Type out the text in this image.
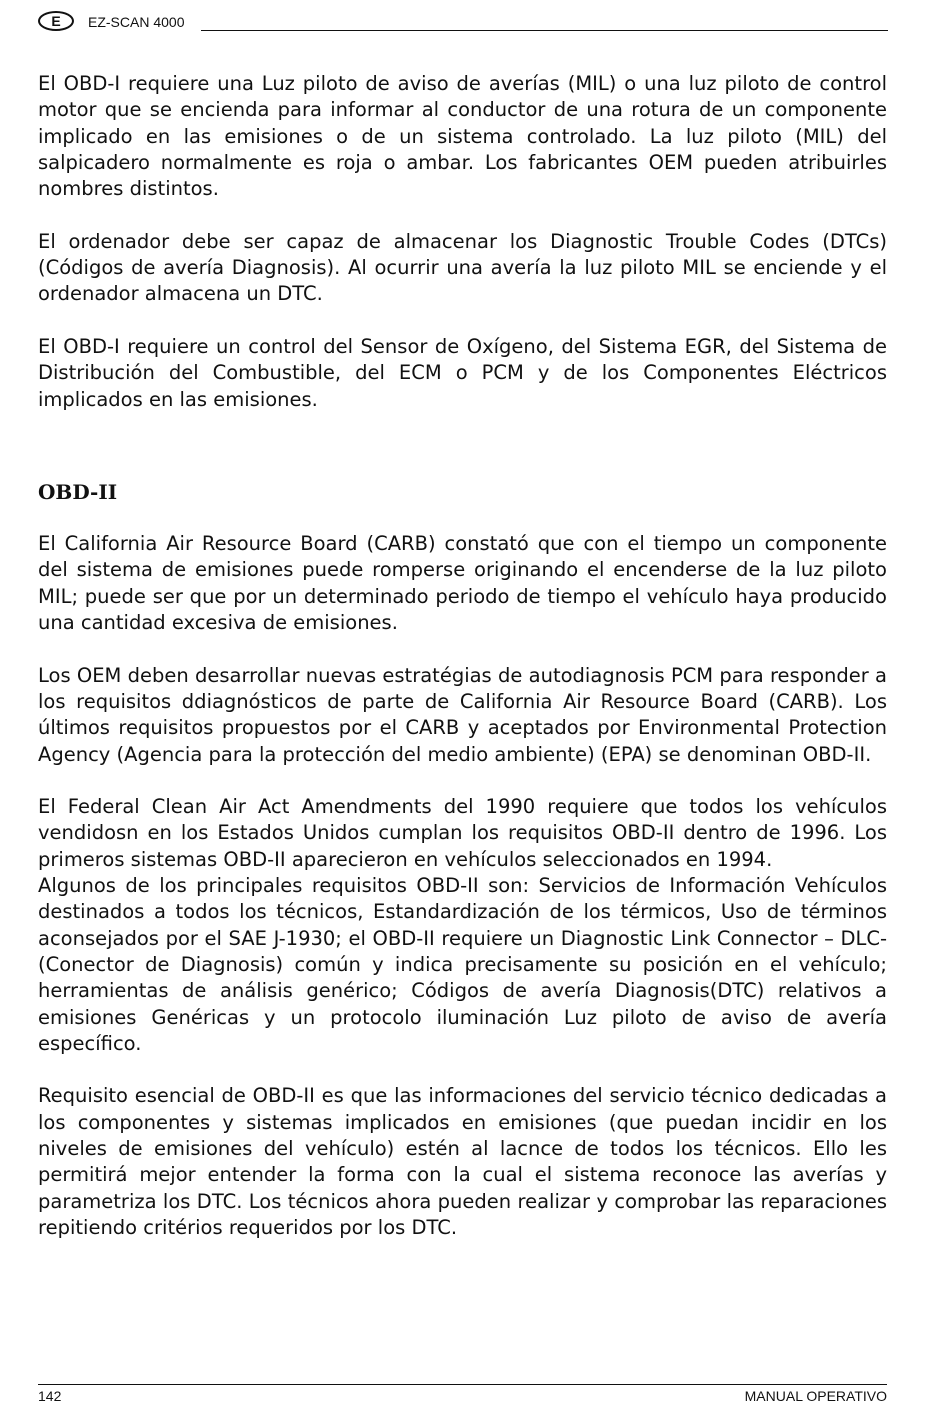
E	EZ-SCAN 4000

El OBD-I requiere una Luz piloto de aviso de averías (MIL) o una luz piloto de control motor que se encienda para informar al conductor de una rotura de un componente implicado en las emisiones o de un sistema controlado. La luz piloto (MIL) del salpicadero normalmente es roja o ambar. Los fabricantes OEM pueden atribuirles nombres distintos.

El ordenador debe ser capaz de almacenar los Diagnostic Trouble Codes (DTCs) (Códigos de avería Diagnosis). Al ocurrir una avería la luz piloto MIL se enciende y el ordenador almacena un DTC.

El OBD-I requiere un control del Sensor de Oxígeno, del Sistema EGR, del Sistema de Distribución del Combustible, del ECM o PCM y de los Componentes Eléctricos implicados en las emisiones.

OBD-II

El California Air Resource Board (CARB) constató que con el tiempo un componente del sistema de emisiones puede romperse originando el encenderse de la luz piloto MIL; puede ser que por un determinado periodo de tiempo el vehículo haya producido una cantidad excesiva de emisiones.

Los OEM deben desarrollar nuevas estratégias de autodiagnosis PCM para responder a los requisitos ddiagnósticos de parte de California Air Resource Board (CARB). Los últimos requisitos propuestos por el CARB y aceptados por Environmental Protection Agency (Agencia para la protección del medio ambiente) (EPA) se denominan OBD-II.

El Federal Clean Air Act Amendments del 1990 requiere que todos los vehículos vendidosn en los Estados Unidos cumplan los requisitos OBD-II dentro de 1996. Los primeros sistemas OBD-II aparecieron en vehículos seleccionados en 1994.

Algunos de los principales requisitos OBD-II son: Servicios de Información Vehículos destinados a todos los técnicos, Estandardización de los térmicos, Uso de términos aconsejados por el SAE J-1930; el OBD-II requiere un Diagnostic Link Connector – DLC- (Conector de Diagnosis) común y indica precisamente su posición en el vehículo; herramientas de análisis genérico; Códigos de avería Diagnosis(DTC) relativos a emisiones Genéricas y un protocolo iluminación Luz piloto de aviso de avería específico.

Requisito esencial de OBD-II es que las informaciones del servicio técnico dedicadas a los componentes y sistemas implicados en emisiones (que puedan incidir en los niveles de emisiones del vehículo) estén al lacnce de todos los técnicos. Ello les permitirá mejor entender la forma con la cual el sistema reconoce las averías y parametriza los DTC. Los técnicos ahora pueden realizar y comprobar las reparaciones repitiendo critérios requeridos por los DTC.

142	MANUAL OPERATIVO
